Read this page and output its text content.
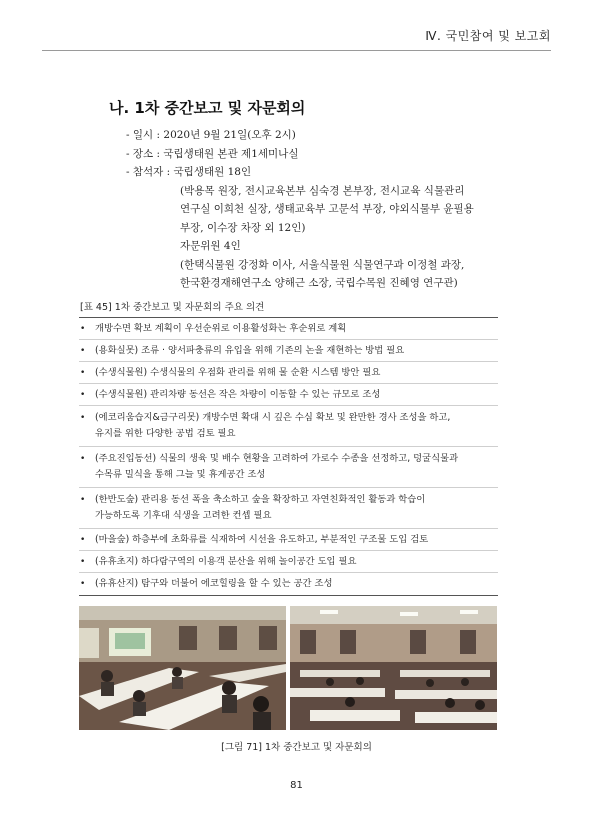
Ⅳ. 국민참여 및 보고회
나. 1차 중간보고 및 자문회의
- 일시 : 2020년 9월 21일(오후 2시)
- 장소 : 국립생태원 본관 제1세미나실
- 참석자 : 국립생태원 18인
(박용목 원장, 전시교육본부 심숙경 본부장, 전시교육 식물관리
연구실 이희천 실장, 생태교육부 고문석 부장, 야외식물부 윤필용
부장, 이수장 차장 외 12인)
자문위원 4인
(한택식물원 강정화 이사, 서울식물원 식물연구과 이정철 과장,
한국환경재해연구소 양해근 소장, 국립수목원 진혜영 연구관)
[표 45] 1차 중간보고 및 자문회의 주요 의견
•	개방수면 확보 계획이 우선순위로 이용활성화는 후순위로 계획
•	(용화실못) 조류 · 양서파충류의 유입을 위해 기존의 논을 재현하는 방법 필요
•	(수생식물원) 수생식물의 우점화 관리를 위해 물 순환 시스템 방안 필요
•	(수생식물원) 관리차량 동선은 작은 차량이 이동할 수 있는 규모로 조성
•	(에코리움습지&금구리못) 개방수면 확대 시 깊은 수심 확보 및 완만한 경사 조성을 하고,
유지를 위한 다양한 공법 검토 필요
•	(주요진입동선) 식물의 생육 및 배수 현황을 고려하여 가로수 수종을 선정하고, 덩굴식물과
수목류 밀식을 통해 그늘 및 휴게공간 조성
•	(한반도숲) 관리용 동선 폭을 축소하고 숲을 확장하고 자연친화적인 활동과 학습이
가능하도록 기후대 식생을 고려한 컨셉 필요
•	(마을숲) 하층부에 초화류를 식재하여 시선을 유도하고, 부분적인 구조물 도입 검토
•	(유휴초지) 하다람구역의 이용객 분산을 위해 놀이공간 도입 필요
•	(유휴산지) 탐구와 더불어 에코힐링을 할 수 있는 공간 조성
[그림 71] 1차 중간보고 및 자문회의
81
